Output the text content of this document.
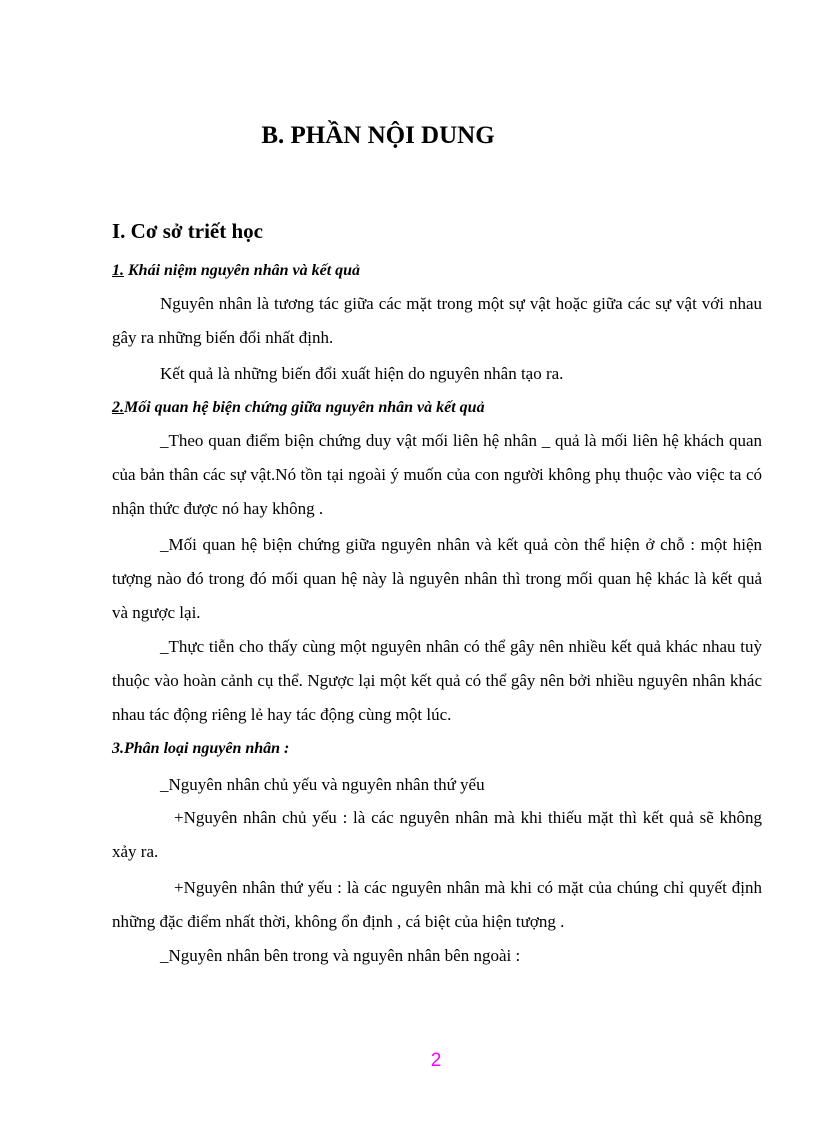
B. PHẦN NỘI DUNG
I. Cơ sở triết học
1. Khái niệm nguyên nhân và kết quả

Nguyên nhân là tương tác giữa các mặt trong một sự vật hoặc giữa các sự vật với nhau gây ra những biến đổi nhất định.

Kết quả là những biến đổi xuất hiện do nguyên nhân tạo ra.

2.Mối quan hệ biện chứng giữa nguyên nhân và kết quả

_Theo quan điểm biện chứng duy vật mối liên hệ nhân _ quả là mối liên hệ khách quan của bản thân các sự vật.Nó tồn tại ngoài ý muốn của con người không phụ thuộc vào việc ta có nhận thức được nó hay không .

_Mối quan hệ biện chứng giữa nguyên nhân và kết quả còn thể hiện ở chỗ : một hiện tượng nào đó trong đó mối quan hệ này là nguyên nhân thì trong mối quan hệ khác là kết quả và ngược lại.

_Thực tiễn cho thấy cùng một nguyên nhân có thể gây nên nhiều kết quả khác nhau tuỳ thuộc vào hoàn cảnh cụ thể. Ngược lại một kết quả có thể gây nên bởi nhiều nguyên nhân khác nhau tác động riêng lẻ hay tác động cùng một lúc.

3.Phân loại nguyên nhân :

_Nguyên nhân chủ yếu và nguyên nhân thứ yếu

+Nguyên nhân chủ yếu : là các nguyên nhân mà khi thiếu mặt thì kết quả sẽ không xảy ra.

+Nguyên nhân thứ yếu : là các nguyên nhân mà khi có mặt của chúng chỉ quyết định những đặc điểm nhất thời, không ổn định , cá biệt của hiện tượng .

_Nguyên nhân bên trong và nguyên nhân bên ngoài :

2
